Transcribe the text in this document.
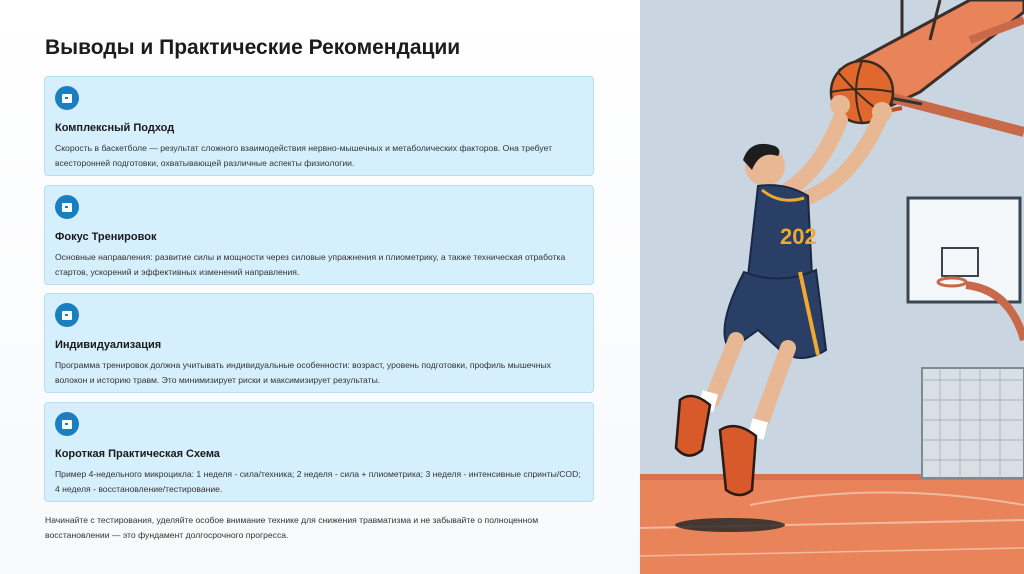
Выводы и Практические Рекомендации
Комплексный Подход

Скорость в баскетболе — результат сложного взаимодействия нервно-мышечных и метаболических факторов. Она требует всесторонней подготовки, охватывающей различные аспекты физиологии.

Фокус Тренировок

Основные направления: развитие силы и мощности через силовые упражнения и плиометрику, а также техническая отработка стартов, ускорений и эффективных изменений направления.

Индивидуализация

Программа тренировок должна учитывать индивидуальные особенности: возраст, уровень подготовки, профиль мышечных волокон и историю травм. Это минимизирует риски и максимизирует результаты.

Короткая Практическая Схема

Пример 4-недельного микроцикла: 1 неделя - сила/техника; 2 неделя - сила + плиометрика; 3 неделя - интенсивные спринты/COD; 4 неделя - восстановление/тестирование.

Начинайте с тестирования, уделяйте особое внимание технике для снижения травматизма и не забывайте о полноценном восстановлении — это фундамент долгосрочного прогресса.
202
